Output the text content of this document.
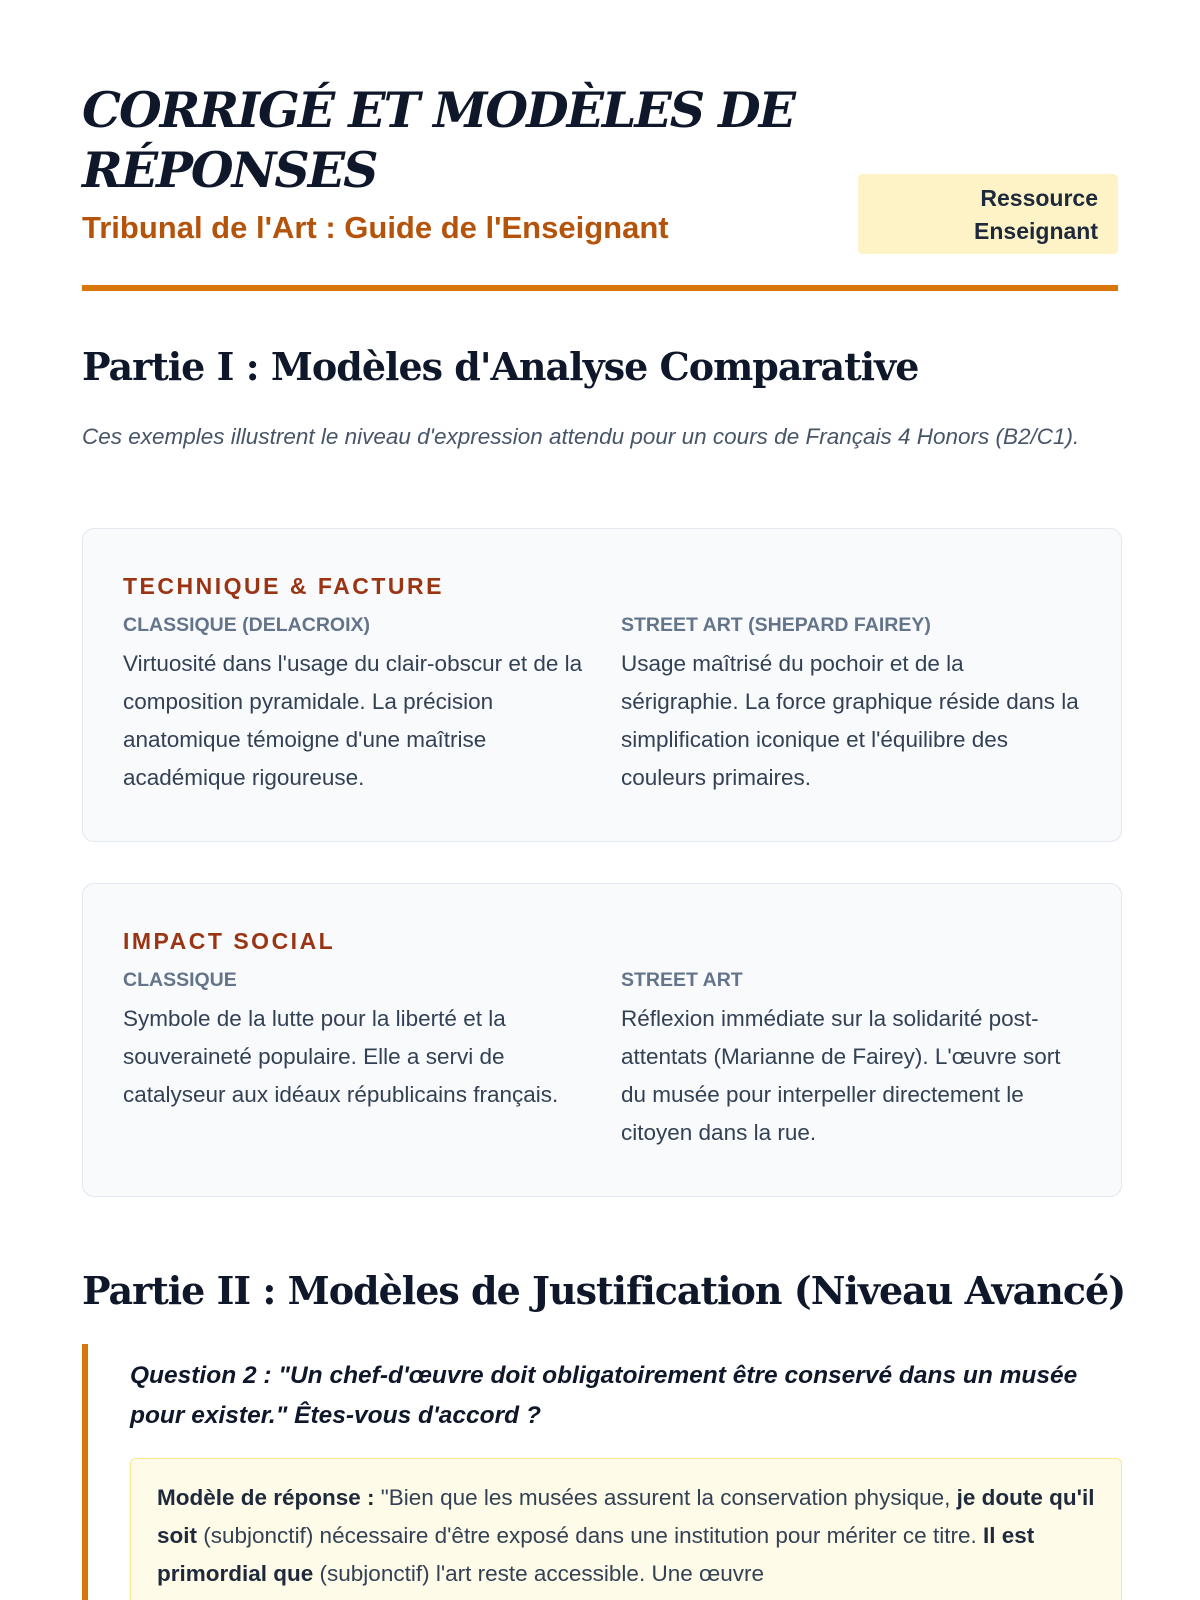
CORRIGÉ ET MODÈLES DE RÉPONSES
Tribunal de l'Art : Guide de l'Enseignant
Ressource
Enseignant
Partie I : Modèles d'Analyse Comparative
Ces exemples illustrent le niveau d'expression attendu pour un cours de Français 4 Honors (B2/C1).
TECHNIQUE & FACTURE
CLASSIQUE (DELACROIX)
Virtuosité dans l'usage du clair-obscur et de la composition pyramidale. La précision anatomique témoigne d'une maîtrise académique rigoureuse.
STREET ART (SHEPARD FAIREY)
Usage maîtrisé du pochoir et de la sérigraphie. La force graphique réside dans la simplification iconique et l'équilibre des couleurs primaires.
IMPACT SOCIAL
CLASSIQUE
Symbole de la lutte pour la liberté et la souveraineté populaire. Elle a servi de catalyseur aux idéaux républicains français.
STREET ART
Réflexion immédiate sur la solidarité post-attentats (Marianne de Fairey). L'œuvre sort du musée pour interpeller directement le citoyen dans la rue.
Partie II : Modèles de Justification (Niveau Avancé)
Question 2 : "Un chef-d'œuvre doit obligatoirement être conservé dans un musée pour exister." Êtes-vous d'accord ?
Modèle de réponse : "Bien que les musées assurent la conservation physique, je doute qu'il soit (subjonctif) nécessaire d'être exposé dans une institution pour mériter ce titre. Il est primordial que (subjonctif) l'art reste accessible. Une œuvre
